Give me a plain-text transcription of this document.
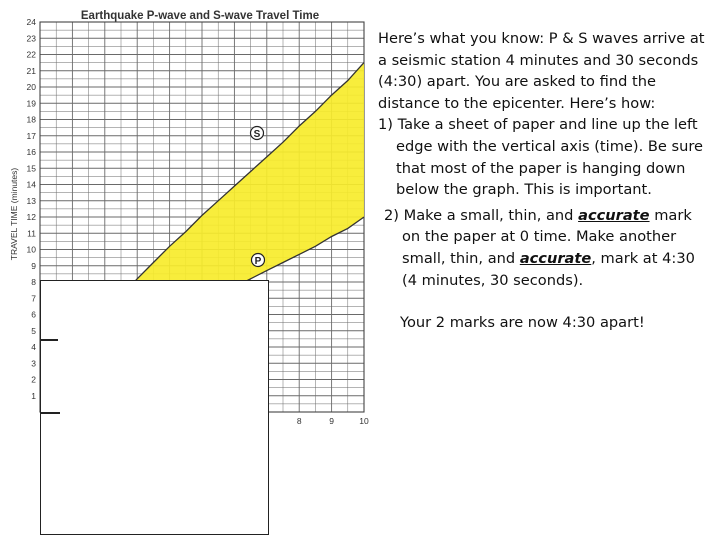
Earthquake P-wave and S-wave Travel Time
TRAVEL TIME (minutes)
1
2
3
4
5
6
7
8
9
10
11
12
13
14
15
16
17
18
19
20
21
22
23
24
8	9	10
S
P

Here’s what you know: P & S waves arrive at a seismic station 4 minutes and 30 seconds (4:30) apart. You are asked to find the distance to the epicenter. Here’s how:

1) Take a sheet of paper and line up the left edge with the vertical axis (time). Be sure that most of the paper is hanging down below the graph. This is important.

2) Make a small, thin, and accurate mark on the paper at 0 time. Make another small, thin, and accurate, mark at 4:30 (4 minutes, 30 seconds).

Your 2 marks are now 4:30 apart!
